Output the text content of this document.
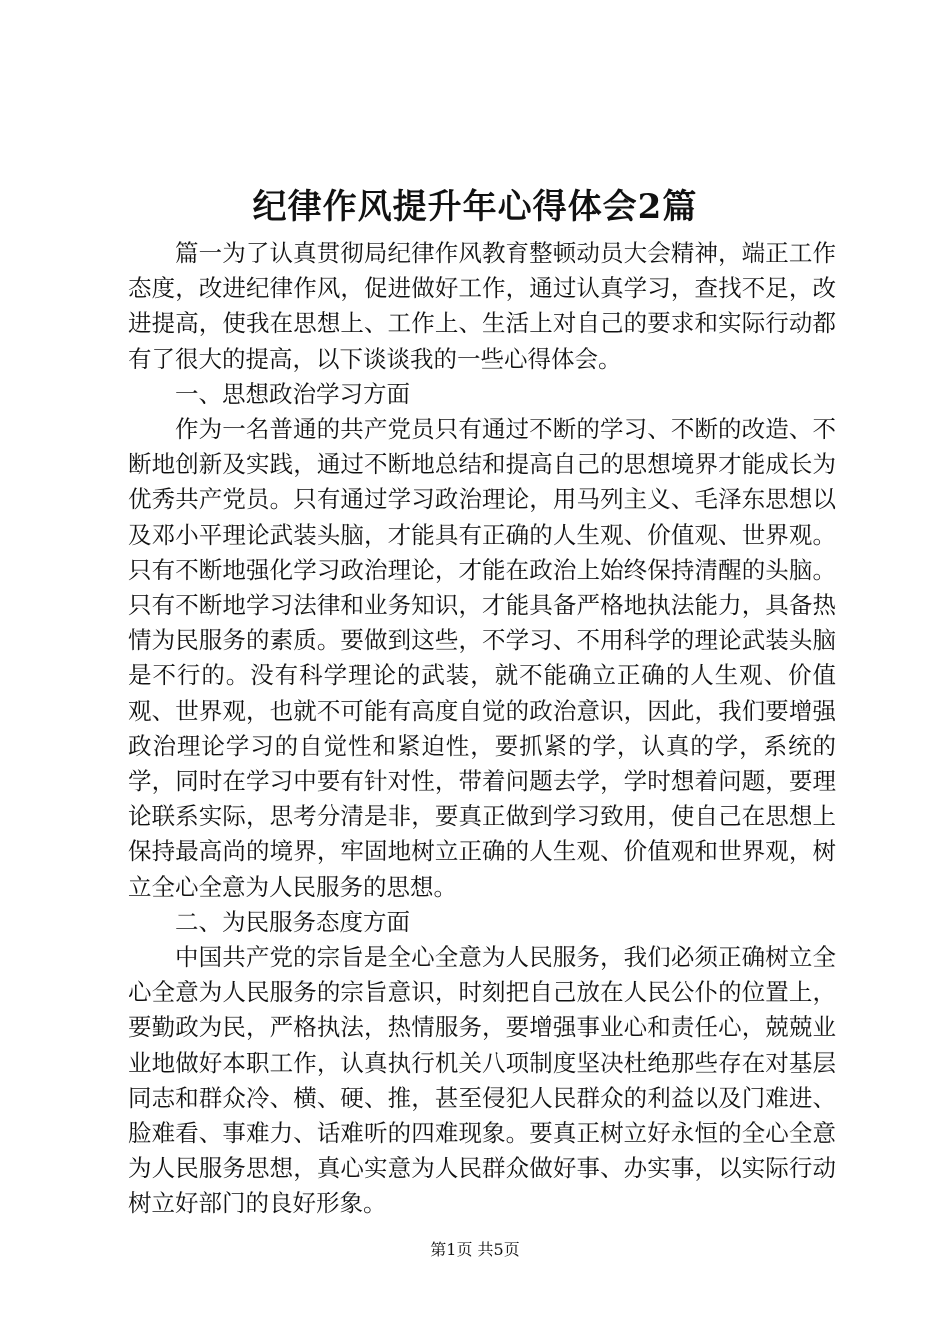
纪律作风提升年心得体会2篇

篇一为了认真贯彻局纪律作风教育整顿动员大会精神，端正工作态度，改进纪律作风，促进做好工作，通过认真学习，查找不足，改进提高，使我在思想上、工作上、生活上对自己的要求和实际行动都有了很大的提高，以下谈谈我的一些心得体会。

一、思想政治学习方面

作为一名普通的共产党员只有通过不断的学习、不断的改造、不断地创新及实践，通过不断地总结和提高自己的思想境界才能成长为优秀共产党员。只有通过学习政治理论，用马列主义、毛泽东思想以及邓小平理论武装头脑，才能具有正确的人生观、价值观、世界观。只有不断地强化学习政治理论，才能在政治上始终保持清醒的头脑。只有不断地学习法律和业务知识，才能具备严格地执法能力，具备热情为民服务的素质。要做到这些，不学习、不用科学的理论武装头脑是不行的。没有科学理论的武装，就不能确立正确的人生观、价值观、世界观，也就不可能有高度自觉的政治意识，因此，我们要增强政治理论学习的自觉性和紧迫性，要抓紧的学，认真的学，系统的学，同时在学习中要有针对性，带着问题去学，学时想着问题，要理论联系实际，思考分清是非，要真正做到学习致用，使自己在思想上保持最高尚的境界，牢固地树立正确的人生观、价值观和世界观，树立全心全意为人民服务的思想。

二、为民服务态度方面

中国共产党的宗旨是全心全意为人民服务，我们必须正确树立全心全意为人民服务的宗旨意识，时刻把自己放在人民公仆的位置上，要勤政为民，严格执法，热情服务，要增强事业心和责任心，兢兢业业地做好本职工作，认真执行机关八项制度坚决杜绝那些存在对基层同志和群众冷、横、硬、推，甚至侵犯人民群众的利益以及门难进、脸难看、事难力、话难听的四难现象。要真正树立好永恒的全心全意为人民服务思想，真心实意为人民群众做好事、办实事，以实际行动树立好部门的良好形象。

第1页 共5页
